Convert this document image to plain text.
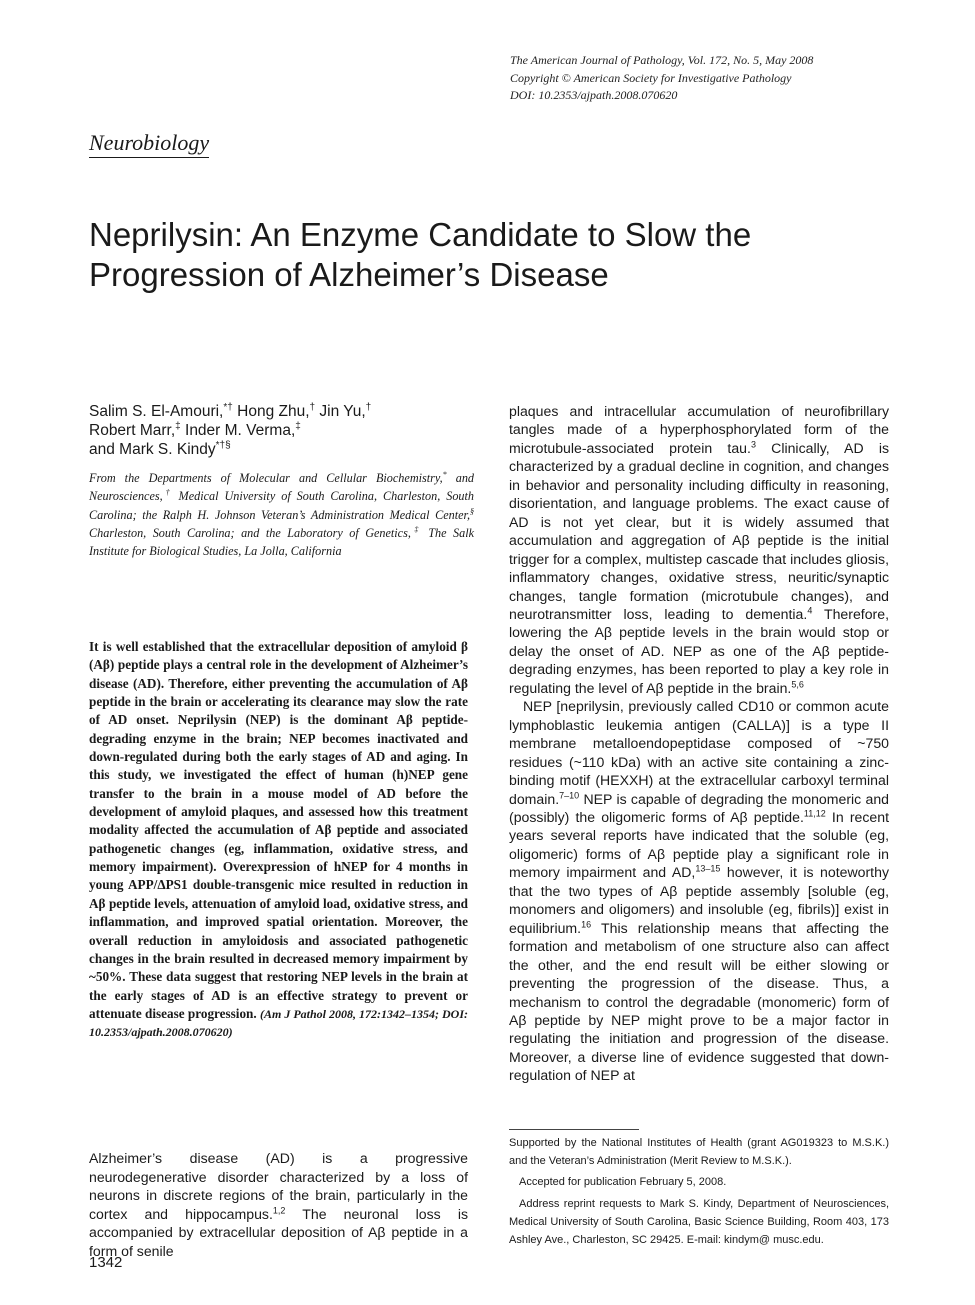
The American Journal of Pathology, Vol. 172, No. 5, May 2008
Copyright © American Society for Investigative Pathology
DOI: 10.2353/ajpath.2008.070620
Neurobiology
Neprilysin: An Enzyme Candidate to Slow the Progression of Alzheimer’s Disease
Salim S. El-Amouri,*† Hong Zhu,† Jin Yu,†
Robert Marr,‡ Inder M. Verma,‡
and Mark S. Kindy*†§
From the Departments of Molecular and Cellular Biochemistry,* and Neurosciences,† Medical University of South Carolina, Charleston, South Carolina; the Ralph H. Johnson Veteran’s Administration Medical Center,§ Charleston, South Carolina; and the Laboratory of Genetics,‡ The Salk Institute for Biological Studies, La Jolla, California
It is well established that the extracellular deposition of amyloid β (Aβ) peptide plays a central role in the development of Alzheimer’s disease (AD). Therefore, either preventing the accumulation of Aβ peptide in the brain or accelerating its clearance may slow the rate of AD onset. Neprilysin (NEP) is the dominant Aβ peptide-degrading enzyme in the brain; NEP becomes inactivated and down-regulated during both the early stages of AD and aging. In this study, we investigated the effect of human (h)NEP gene transfer to the brain in a mouse model of AD before the development of amyloid plaques, and assessed how this treatment modality affected the accumulation of Aβ peptide and associated pathogenetic changes (eg, inflammation, oxidative stress, and memory impairment). Overexpression of hNEP for 4 months in young APP/ΔPS1 double-transgenic mice resulted in reduction in Aβ peptide levels, attenuation of amyloid load, oxidative stress, and inflammation, and improved spatial orientation. Moreover, the overall reduction in amyloidosis and associated pathogenetic changes in the brain resulted in decreased memory impairment by ~50%. These data suggest that restoring NEP levels in the brain at the early stages of AD is an effective strategy to prevent or attenuate disease progression. (Am J Pathol 2008, 172:1342–1354; DOI: 10.2353/ajpath.2008.070620)

Alzheimer’s disease (AD) is a progressive neurodegenerative disorder characterized by a loss of neurons in discrete regions of the brain, particularly in the cortex and hippocampus.$^{1,2}$ The neuronal loss is accompanied by extracellular deposition of Aβ peptide in a form of senile

plaques and intracellular accumulation of neurofibrillary tangles made of a hyperphosphorylated form of the microtubule-associated protein tau.$^3$ Clinically, AD is characterized by a gradual decline in cognition, and changes in behavior and personality including difficulty in reasoning, disorientation, and language problems. The exact cause of AD is not yet clear, but it is widely assumed that accumulation and aggregation of Aβ peptide is the initial trigger for a complex, multistep cascade that includes gliosis, inflammatory changes, oxidative stress, neuritic/synaptic changes, tangle formation (microtubule changes), and neurotransmitter loss, leading to dementia.$^4$ Therefore, lowering the Aβ peptide levels in the brain would stop or delay the onset of AD. NEP as one of the Aβ peptide-degrading enzymes, has been reported to play a key role in regulating the level of Aβ peptide in the brain.$^{5,6}$

NEP [neprilysin, previously called CD10 or common acute lymphoblastic leukemia antigen (CALLA)] is a type II membrane metalloendopeptidase composed of ~750 residues (~110 kDa) with an active site containing a zinc-binding motif (HEXXH) at the extracellular carboxyl terminal domain.$^{7-10}$ NEP is capable of degrading the monomeric and (possibly) the oligomeric forms of Aβ peptide.$^{11,12}$ In recent years several reports have indicated that the soluble (eg, oligomeric) forms of Aβ peptide play a significant role in memory impairment and AD,$^{13-15}$ however, it is noteworthy that the two types of Aβ peptide assembly [soluble (eg, monomers and oligomers) and insoluble (eg, fibrils)] exist in equilibrium.$^{16}$ This relationship means that affecting the formation and metabolism of one structure also can affect the other, and the end result will be either slowing or preventing the progression of the disease. Thus, a mechanism to control the degradable (monomeric) form of Aβ peptide by NEP might prove to be a major factor in regulating the initiation and progression of the disease. Moreover, a diverse line of evidence suggested that down-regulation of NEP at

Supported by the National Institutes of Health (grant AG019323 to M.S.K.) and the Veteran’s Administration (Merit Review to M.S.K.).

Accepted for publication February 5, 2008.

Address reprint requests to Mark S. Kindy, Department of Neurosciences, Medical University of South Carolina, Basic Science Building, Room 403, 173 Ashley Ave., Charleston, SC 29425. E-mail: kindym@ musc.edu.

1342
